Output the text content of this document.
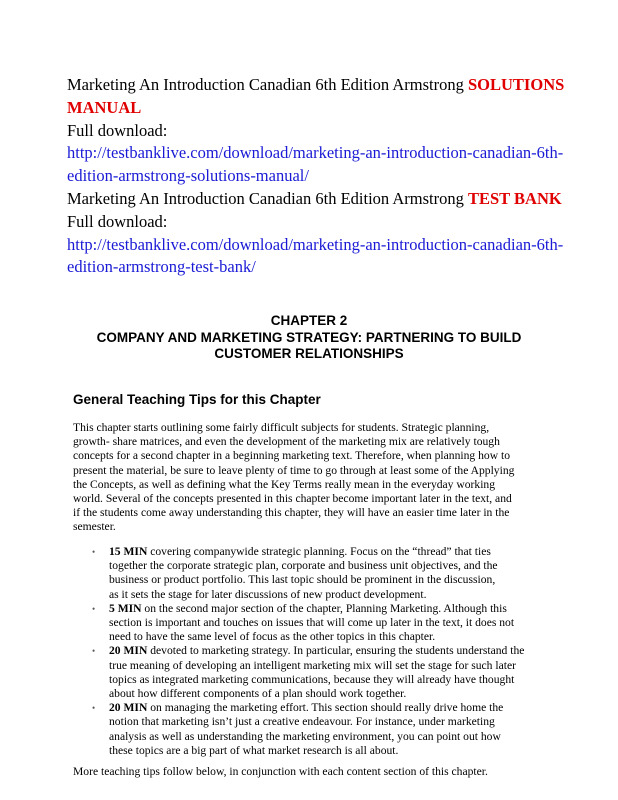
Marketing An Introduction Canadian 6th Edition Armstrong SOLUTIONS
MANUAL
Full download:
http://testbanklive.com/download/marketing-an-introduction-canadian-6th-
edition-armstrong-solutions-manual/
Marketing An Introduction Canadian 6th Edition Armstrong TEST BANK
Full download:
http://testbanklive.com/download/marketing-an-introduction-canadian-6th-
edition-armstrong-test-bank/
CHAPTER 2
COMPANY AND MARKETING STRATEGY: PARTNERING TO BUILD
CUSTOMER RELATIONSHIPS
General Teaching Tips for this Chapter
This chapter starts outlining some fairly difficult subjects for students. Strategic planning,
growth- share matrices, and even the development of the marketing mix are relatively tough
concepts for a second chapter in a beginning marketing text. Therefore, when planning how to
present the material, be sure to leave plenty of time to go through at least some of the Applying
the Concepts, as well as defining what the Key Terms really mean in the everyday working
world. Several of the concepts presented in this chapter become important later in the text, and
if the students come away understanding this chapter, they will have an easier time later in the
semester.
• 15 MIN covering companywide strategic planning. Focus on the “thread” that ties
together the corporate strategic plan, corporate and business unit objectives, and the
business or product portfolio. This last topic should be prominent in the discussion,
as it sets the stage for later discussions of new product development.
• 5 MIN on the second major section of the chapter, Planning Marketing. Although this
section is important and touches on issues that will come up later in the text, it does not
need to have the same level of focus as the other topics in this chapter.
• 20 MIN devoted to marketing strategy. In particular, ensuring the students understand the
true meaning of developing an intelligent marketing mix will set the stage for such later
topics as integrated marketing communications, because they will already have thought
about how different components of a plan should work together.
• 20 MIN on managing the marketing effort. This section should really drive home the
notion that marketing isn’t just a creative endeavour. For instance, under marketing
analysis as well as understanding the marketing environment, you can point out how
these topics are a big part of what market research is all about.
More teaching tips follow below, in conjunction with each content section of this chapter.
